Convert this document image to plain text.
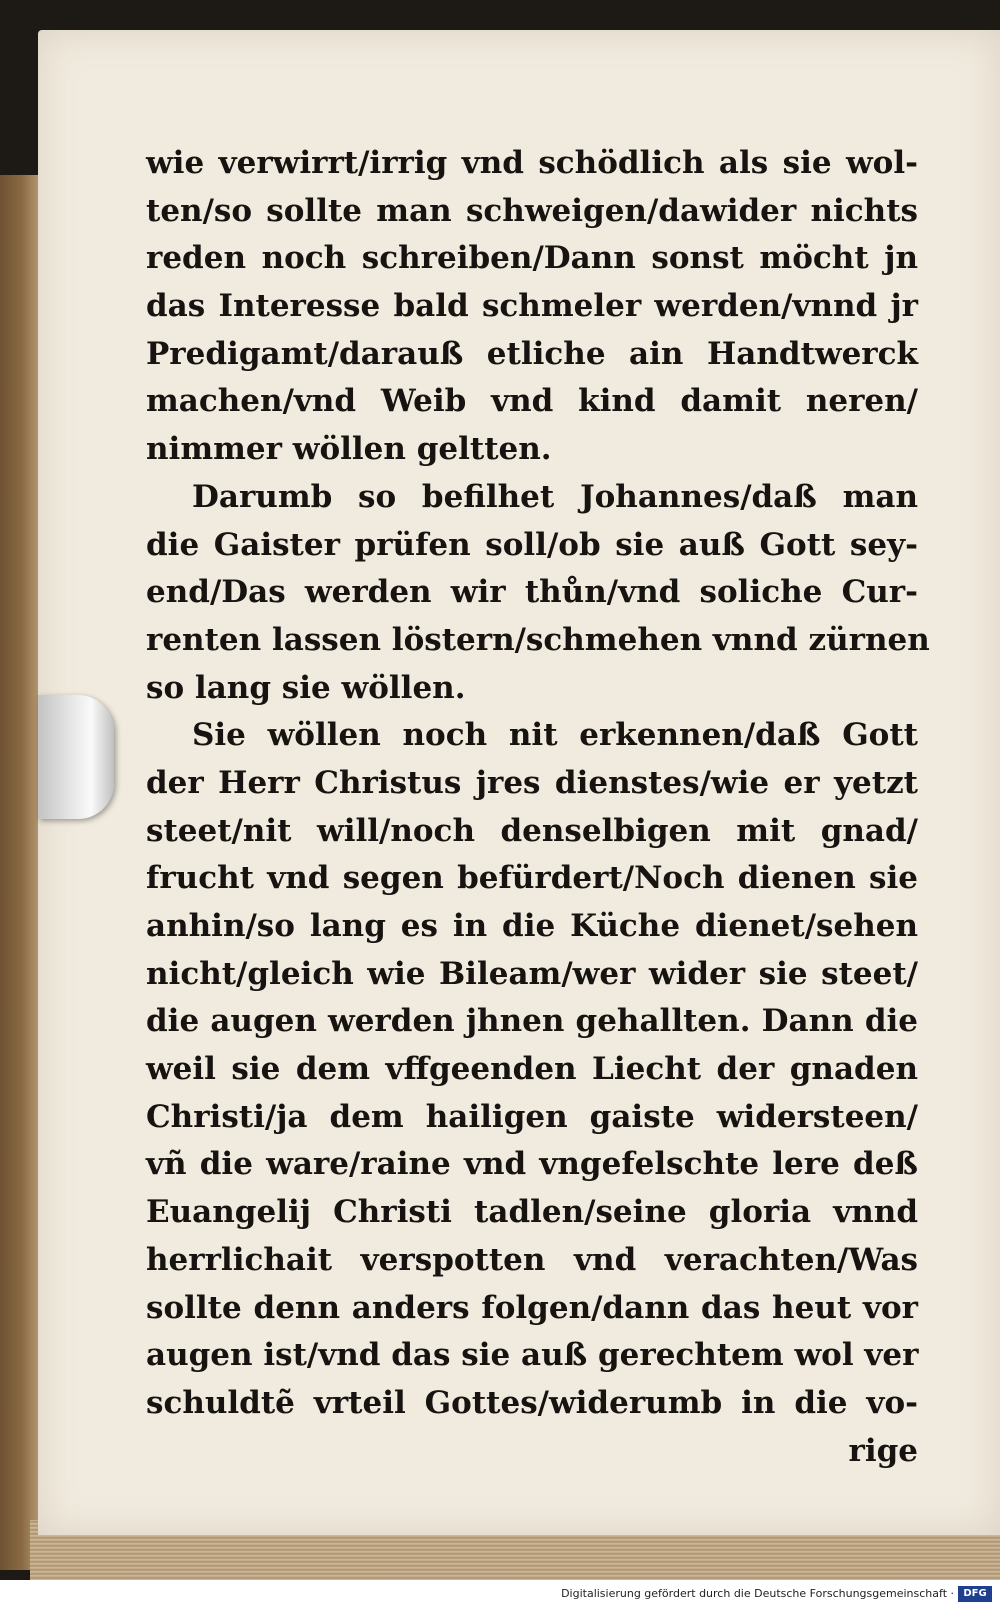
wie verwirrt/irrig vnd schödlich als sie wol-
ten/so sollte man schweigen/dawider nichts
reden noch schreiben/Dann sonst möcht jn
das Interesse bald schmeler werden/vnnd jr
Predigamt/darauß etliche ain Handtwerck
machen/vnd Weib vnd kind damit neren/
nimmer wöllen geltten.
Darumb so befilhet Johannes/daß man
die Gaister prüfen soll/ob sie auß Gott sey-
end/Das werden wir thůn/vnd soliche Cur-
renten lassen löstern/schmehen vnnd zürnen
so lang sie wöllen.
Sie wöllen noch nit erkennen/daß Gott
der Herr Christus jres dienstes/wie er yetzt
steet/nit will/noch denselbigen mit gnad/
frucht vnd segen befürdert/Noch dienen sie
anhin/so lang es in die Küche dienet/sehen
nicht/gleich wie Bileam/wer wider sie steet/
die augen werden jhnen gehallten. Dann die
weil sie dem vffgeenden Liecht der gnaden
Christi/ja dem hailigen gaiste widersteen/
vñ die ware/raine vnd vngefelschte lere deß
Euangelij Christi tadlen/seine gloria vnnd
herrlichait verspotten vnd verachten/Was
sollte denn anders folgen/dann das heut vor
augen ist/vnd das sie auß gerechtem wol ver
schuldtẽ vrteil Gottes/widerumb in die vo-
rige
Digitalisierung gefördert durch die Deutsche Forschungsgemeinschaft · DFG
